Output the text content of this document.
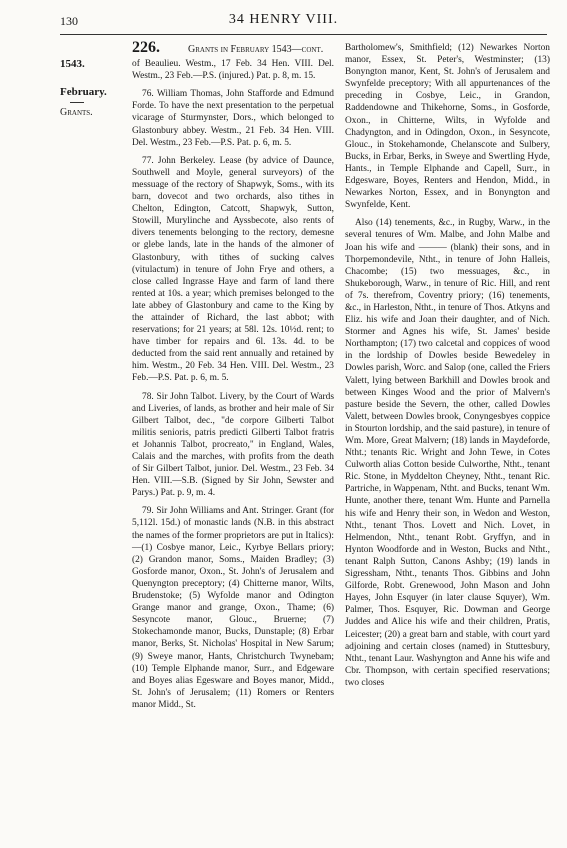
130	34 HENRY VIII.
1543.
February.
Grants.
226.	Grants in February 1543—cont.

of Beaulieu. Westm., 17 Feb. 34 Hen. VIII. Del. Westm., 23 Feb.—P.S. (injured.) Pat. p. 8, m. 15.

76. William Thomas, John Stafforde and Edmund Forde. To have the next presentation to the perpetual vicarage of Sturmynster, Dors., which belonged to Glastonbury abbey. Westm., 21 Feb. 34 Hen. VIII. Del. Westm., 23 Feb.—P.S. Pat. p. 6, m. 5.

77. John Berkeley. Lease (by advice of Daunce, Southwell and Moyle, general surveyors) of the messuage of the rectory of Shapwyk, Soms., with its barn, dovecot and two orchards, also tithes in Chelton, Edington, Catcott, Shapwyk, Sutton, Stowill, Murylinche and Ayssbecote, also rents of divers tenements belonging to the rectory, demesne or glebe lands, late in the hands of the almoner of Glastonbury, with tithes of sucking calves (vitulactum) in tenure of John Frye and others, a close called Ingrasse Haye and farm of land there rented at 10s. a year; which premises belonged to the late abbey of Glastonbury and came to the King by the attainder of Richard, the last abbot; with reservations; for 21 years; at 58l. 12s. 10½d. rent; to have timber for repairs and 6l. 13s. 4d. to be deducted from the said rent annually and retained by him. Westm., 20 Feb. 34 Hen. VIII. Del. Westm., 23 Feb.—P.S. Pat. p. 6, m. 5.

78. Sir John Talbot. Livery, by the Court of Wards and Liveries, of lands, as brother and heir male of Sir Gilbert Talbot, dec., "de corpore Gilberti Talbot militis senioris, patris predicti Gilberti Talbot fratris et Johannis Talbot, procreato," in England, Wales, Calais and the marches, with profits from the death of Sir Gilbert Talbot, junior. Del. Westm., 23 Feb. 34 Hen. VIII.—S.B. (Signed by Sir John, Sewster and Parys.) Pat. p. 9, m. 4.

79. Sir John Williams and Ant. Stringer. Grant (for 5,112l. 15d.) of monastic lands (N.B. in this abstract the names of the former proprietors are put in Italics):—(1) Cosbye manor, Leic., Kyrbye Bellars priory; (2) Grandon manor, Soms., Maiden Bradley; (3) Gosforde manor, Oxon., St. John's of Jerusalem and Quenyngton preceptory; (4) Chitterne manor, Wilts, Brudenstoke; (5) Wyfolde manor and Odington Grange manor and grange, Oxon., Thame; (6) Sesyncote manor, Glouc., Bruerne; (7) Stokechamonde manor, Bucks, Dunstaple; (8) Erbar manor, Berks, St. Nicholas' Hospital in New Sarum; (9) Sweye manor, Hants, Christchurch Twynebam; (10) Temple Elphande manor, Surr., and Edgeware and Boyes alias Egesware and Boyes manor, Midd., St. John's of Jerusalem; (11) Romers or Renters manor Midd., St.

Bartholomew's, Smithfield; (12) Newarkes Norton manor, Essex, St. Peter's, Westminster; (13) Bonyngton manor, Kent, St. John's of Jerusalem and Swynfelde preceptory; With all appurtenances of the preceding in Cosbye, Leic., in Grandon, Raddendowne and Thikehorne, Soms., in Gosforde, Oxon., in Chitterne, Wilts, in Wyfolde and Chadyngton, and in Odingdon, Oxon., in Sesyncote, Glouc., in Stokehamonde, Chelanscote and Sulbery, Bucks, in Erbar, Berks, in Sweye and Swertling Hyde, Hants., in Temple Elphande and Capell, Surr., in Edgesware, Boyes, Renters and Hendon, Midd., in Newarkes Norton, Essex, and in Bonyngton and Swynfelde, Kent.

Also (14) tenements, &c., in Rugby, Warw., in the several tenures of Wm. Malbe, and John Malbe and Joan his wife and ——— (blank) their sons, and in Thorpemondevile, Ntht., in tenure of John Halleis, Chacombe; (15) two messuages, &c., in Shukeborough, Warw., in tenure of Ric. Hill, and rent of 7s. therefrom, Coventry priory; (16) tenements, &c., in Harleston, Ntht., in tenure of Thos. Atkyns and Eliz. his wife and Joan their daughter, and of Nich. Stormer and Agnes his wife, St. James' beside Northampton; (17) two calcetal and coppices of wood in the lordship of Dowles beside Bewedeley in Dowles parish, Worc. and Salop (one, called the Friers Valett, lying between Barkhill and Dowles brook and between Kinges Wood and the prior of Malvern's pasture beside the Severn, the other, called Dowles Valett, between Dowles brook, Conyngesbyes coppice in Stourton lordship, and the said pasture), in tenure of Wm. More, Great Malvern; (18) lands in Maydeforde, Ntht.; tenants Ric. Wright and John Tewe, in Cotes Culworth alias Cotton beside Culworthe, Ntht., tenant Ric. Stone, in Myddelton Cheyney, Ntht., tenant Ric. Partriche, in Wappenam, Ntht. and Bucks, tenant Wm. Hunte, another there, tenant Wm. Hunte and Parnella his wife and Henry their son, in Wedon and Weston, Ntht., tenant Thos. Lovett and Nich. Lovet, in Helmendon, Ntht., tenant Robt. Gryffyn, and in Hynton Woodforde and in Weston, Bucks and Ntht., tenant Ralph Sutton, Canons Ashby; (19) lands in Sigressham, Ntht., tenants Thos. Gibbins and John Gilforde, Robt. Grenewood, John Mason and John Hayes, John Esquyer (in later clause Squyer), Wm. Palmer, Thos. Esquyer, Ric. Dowman and George Juddes and Alice his wife and their children, Pratis, Leicester; (20) a great barn and stable, with court yard adjoining and certain closes (named) in Stuttesbury, Ntht., tenant Laur. Washyngton and Anne his wife and Cbr. Thompson, with certain specified reservations; two closes
